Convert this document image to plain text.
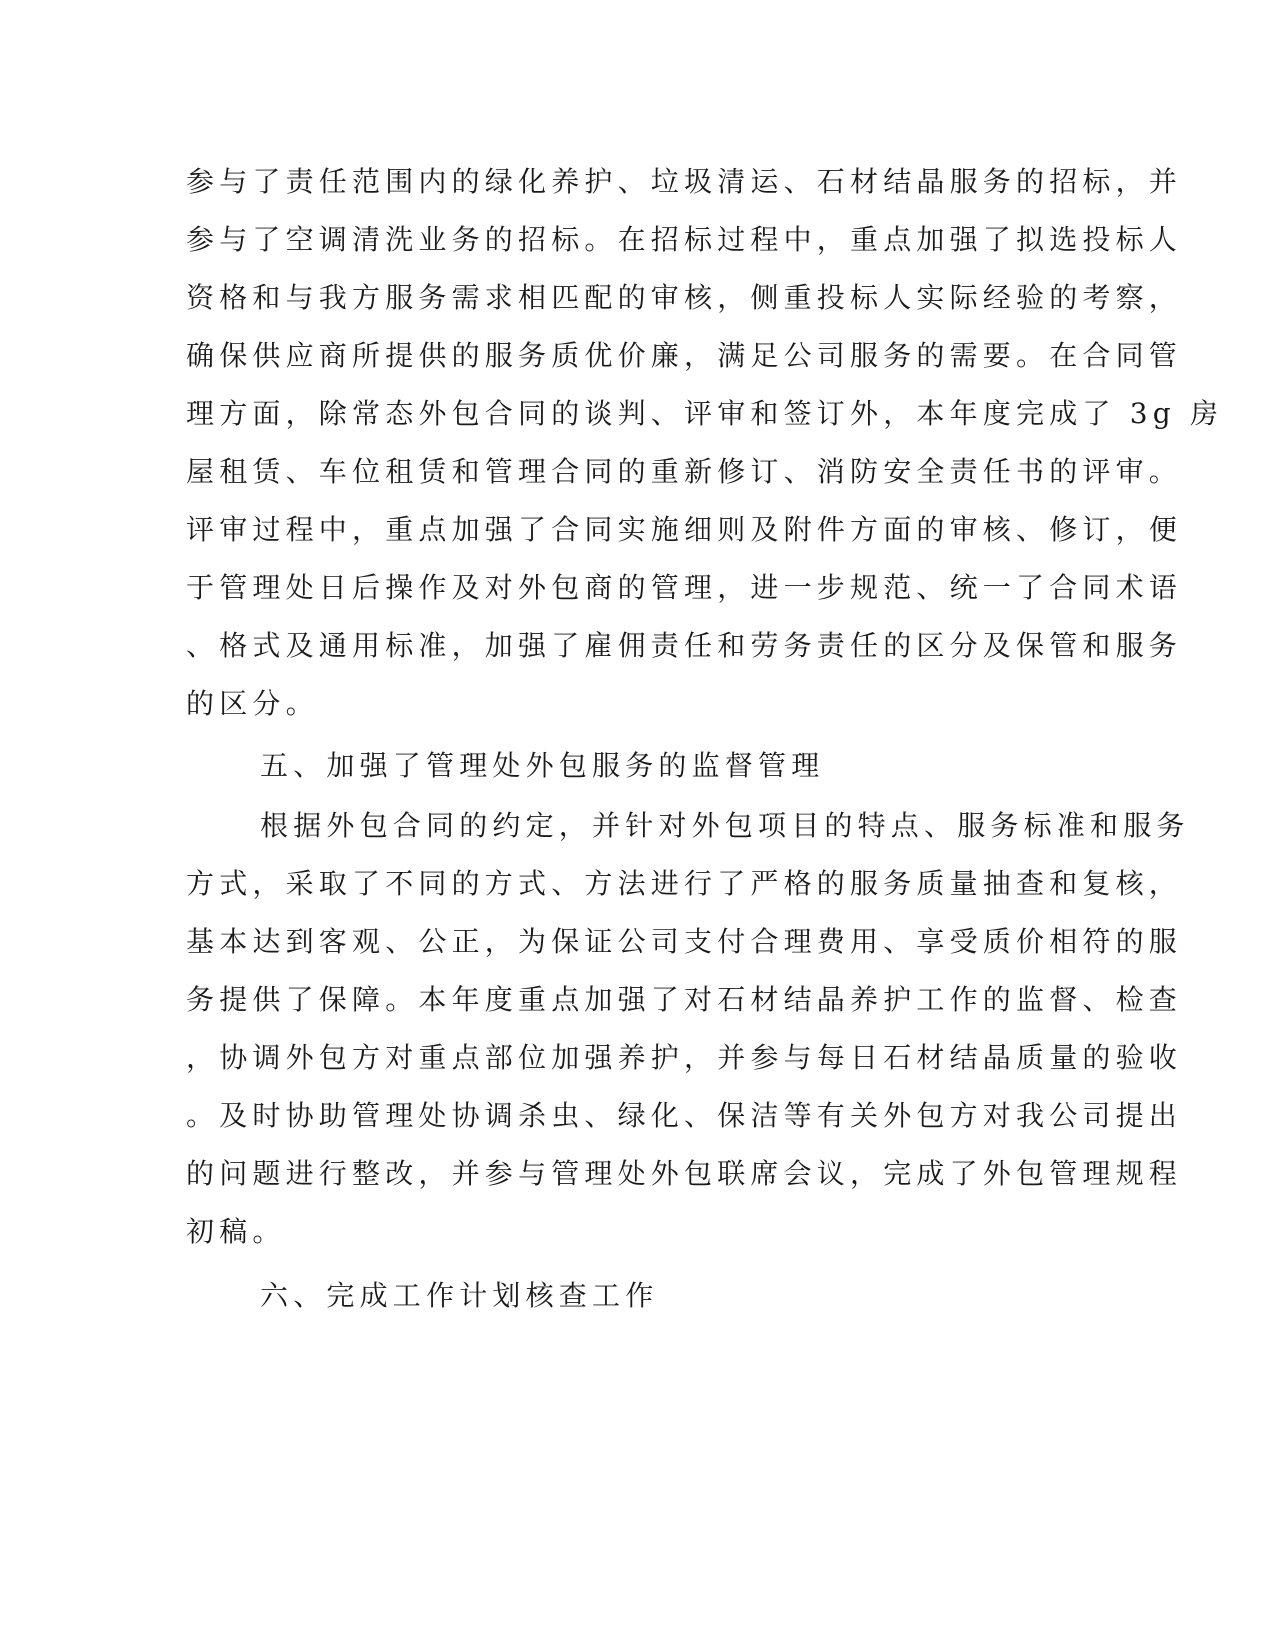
参与了责任范围内的绿化养护、垃圾清运、石材结晶服务的招标，并
参与了空调清洗业务的招标。在招标过程中，重点加强了拟选投标人
资格和与我方服务需求相匹配的审核，侧重投标人实际经验的考察，
确保供应商所提供的服务质优价廉，满足公司服务的需要。在合同管
理方面，除常态外包合同的谈判、评审和签订外，本年度完成了 3g 房
屋租赁、车位租赁和管理合同的重新修订、消防安全责任书的评审。
评审过程中，重点加强了合同实施细则及附件方面的审核、修订，便
于管理处日后操作及对外包商的管理，进一步规范、统一了合同术语
、格式及通用标准，加强了雇佣责任和劳务责任的区分及保管和服务
的区分。
五、加强了管理处外包服务的监督管理
根据外包合同的约定，并针对外包项目的特点、服务标准和服务
方式，采取了不同的方式、方法进行了严格的服务质量抽查和复核，
基本达到客观、公正，为保证公司支付合理费用、享受质价相符的服
务提供了保障。本年度重点加强了对石材结晶养护工作的监督、检查
，协调外包方对重点部位加强养护，并参与每日石材结晶质量的验收
。及时协助管理处协调杀虫、绿化、保洁等有关外包方对我公司提出
的问题进行整改，并参与管理处外包联席会议，完成了外包管理规程
初稿。
六、完成工作计划核查工作
